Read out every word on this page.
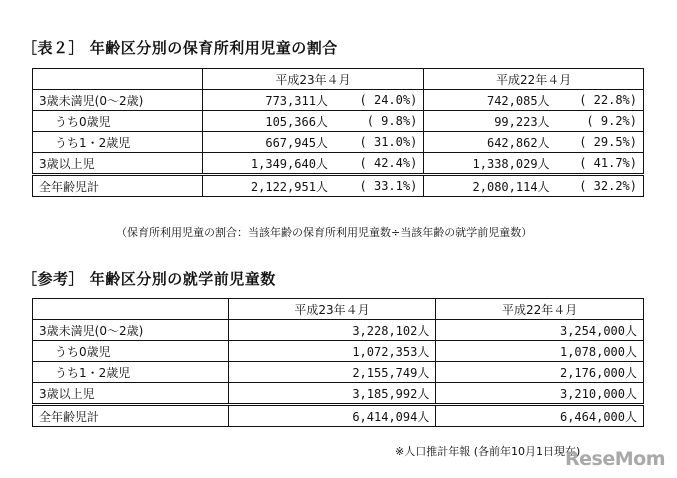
［表２］ 年齢区分別の保育所利用児童の割合
	平成23年４月		平成22年４月	
3歳未満児(0～2歳)	773,311人	( 24.0%)	742,085人	( 22.8%)
うち0歳児	105,366人	( 9.8%)	99,223人	( 9.2%)
うち1・2歳児	667,945人	( 31.0%)	642,862人	( 29.5%)
3歳以上児	1,349,640人	( 42.4%)	1,338,029人	( 41.7%)
全年齢児計	2,122,951人	( 33.1%)	2,080,114人	( 32.2%)
（保育所利用児童の割合：当該年齢の保育所利用児童数÷当該年齢の就学前児童数）
［参考］ 年齢区分別の就学前児童数
	平成23年４月	平成22年４月
3歳未満児(0～2歳)	3,228,102人	3,254,000人
うち0歳児	1,072,353人	1,078,000人
うち1・2歳児	2,155,749人	2,176,000人
3歳以上児	3,185,992人	3,210,000人
全年齢児計	6,414,094人	6,464,000人
※人口推計年報 (各前年10月1日現在)
ReseMom
